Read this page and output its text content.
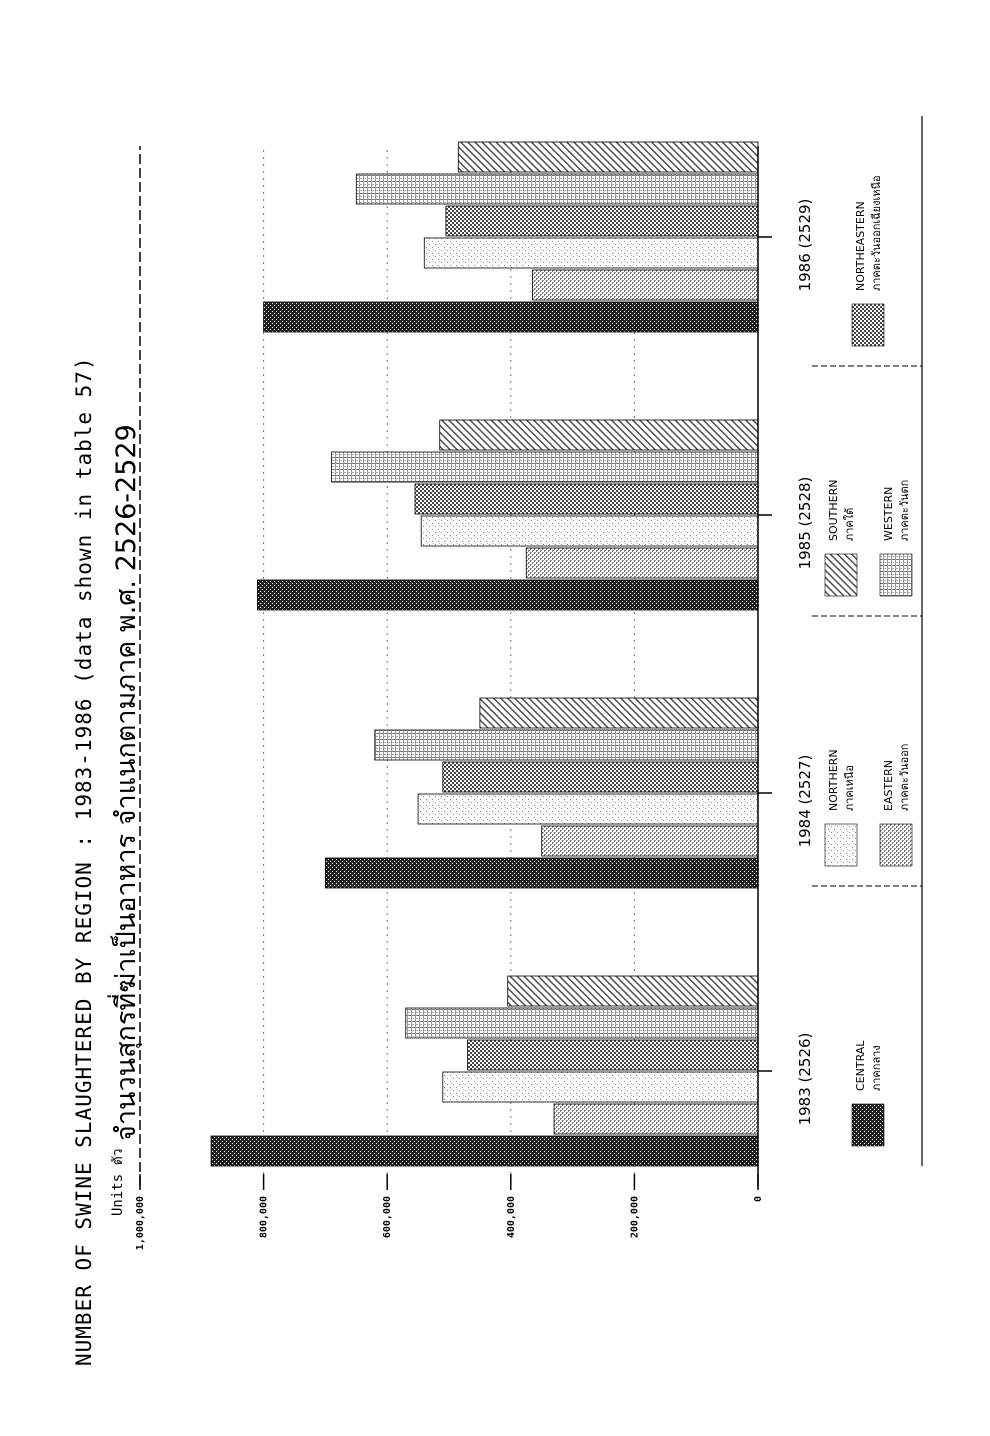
NUMBER OF SWINE SLAUGHTERED BY REGION : 1983-1986 (data shown in table 57) จำนวนสุกรที่ฆ่าเป็นอาหาร จำแนกตามภาค พ.ศ. 2526-2529
Units ตัว	0
200,000
400,000
600,000
800,000
1,000,000
1983 (2526)
1984 (2527)
1985 (2528)
1986 (2529)
CENTRAL ภาคกลาง
NORTHERN ภาคเหนือ EASTERN ภาคตะวันออก
SOUTHERN ภาคใต้ WESTERN ภาคตะวันตก
NORTHEASTERN ภาคตะวันออกเฉียงเหนือ
